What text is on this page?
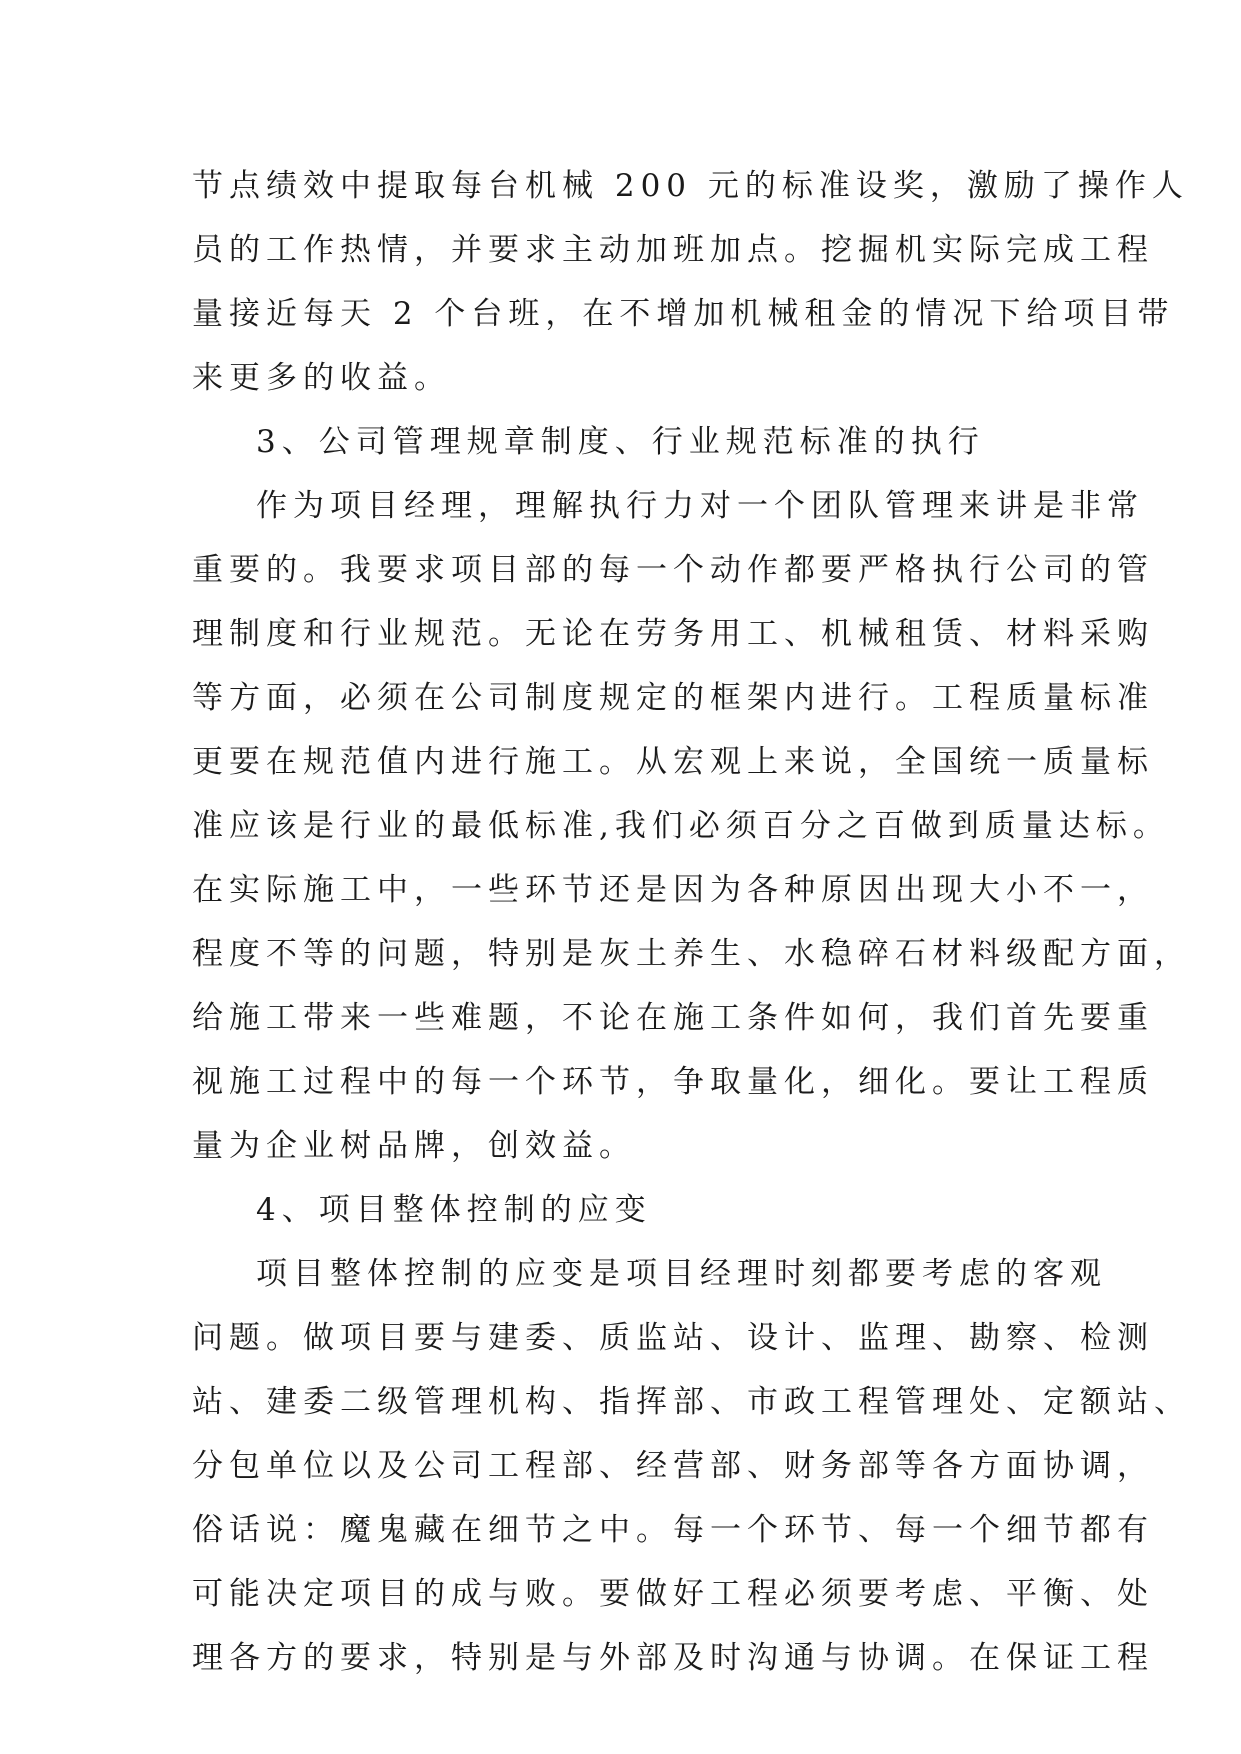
节点绩效中提取每台机械 200 元的标准设奖，激励了操作人
员的工作热情，并要求主动加班加点。挖掘机实际完成工程
量接近每天 2 个台班，在不增加机械租金的情况下给项目带
来更多的收益。
3、公司管理规章制度、行业规范标准的执行
作为项目经理，理解执行力对一个团队管理来讲是非常
重要的。我要求项目部的每一个动作都要严格执行公司的管
理制度和行业规范。无论在劳务用工、机械租赁、材料采购
等方面，必须在公司制度规定的框架内进行。工程质量标准
更要在规范值内进行施工。从宏观上来说，全国统一质量标
准应该是行业的最低标准,我们必须百分之百做到质量达标。
在实际施工中，一些环节还是因为各种原因出现大小不一，
程度不等的问题，特别是灰土养生、水稳碎石材料级配方面，
给施工带来一些难题，不论在施工条件如何，我们首先要重
视施工过程中的每一个环节，争取量化，细化。要让工程质
量为企业树品牌，创效益。
4、项目整体控制的应变
项目整体控制的应变是项目经理时刻都要考虑的客观
问题。做项目要与建委、质监站、设计、监理、勘察、检测
站、建委二级管理机构、指挥部、市政工程管理处、定额站、
分包单位以及公司工程部、经营部、财务部等各方面协调，
俗话说：魔鬼藏在细节之中。每一个环节、每一个细节都有
可能决定项目的成与败。要做好工程必须要考虑、平衡、处
理各方的要求，特别是与外部及时沟通与协调。在保证工程
